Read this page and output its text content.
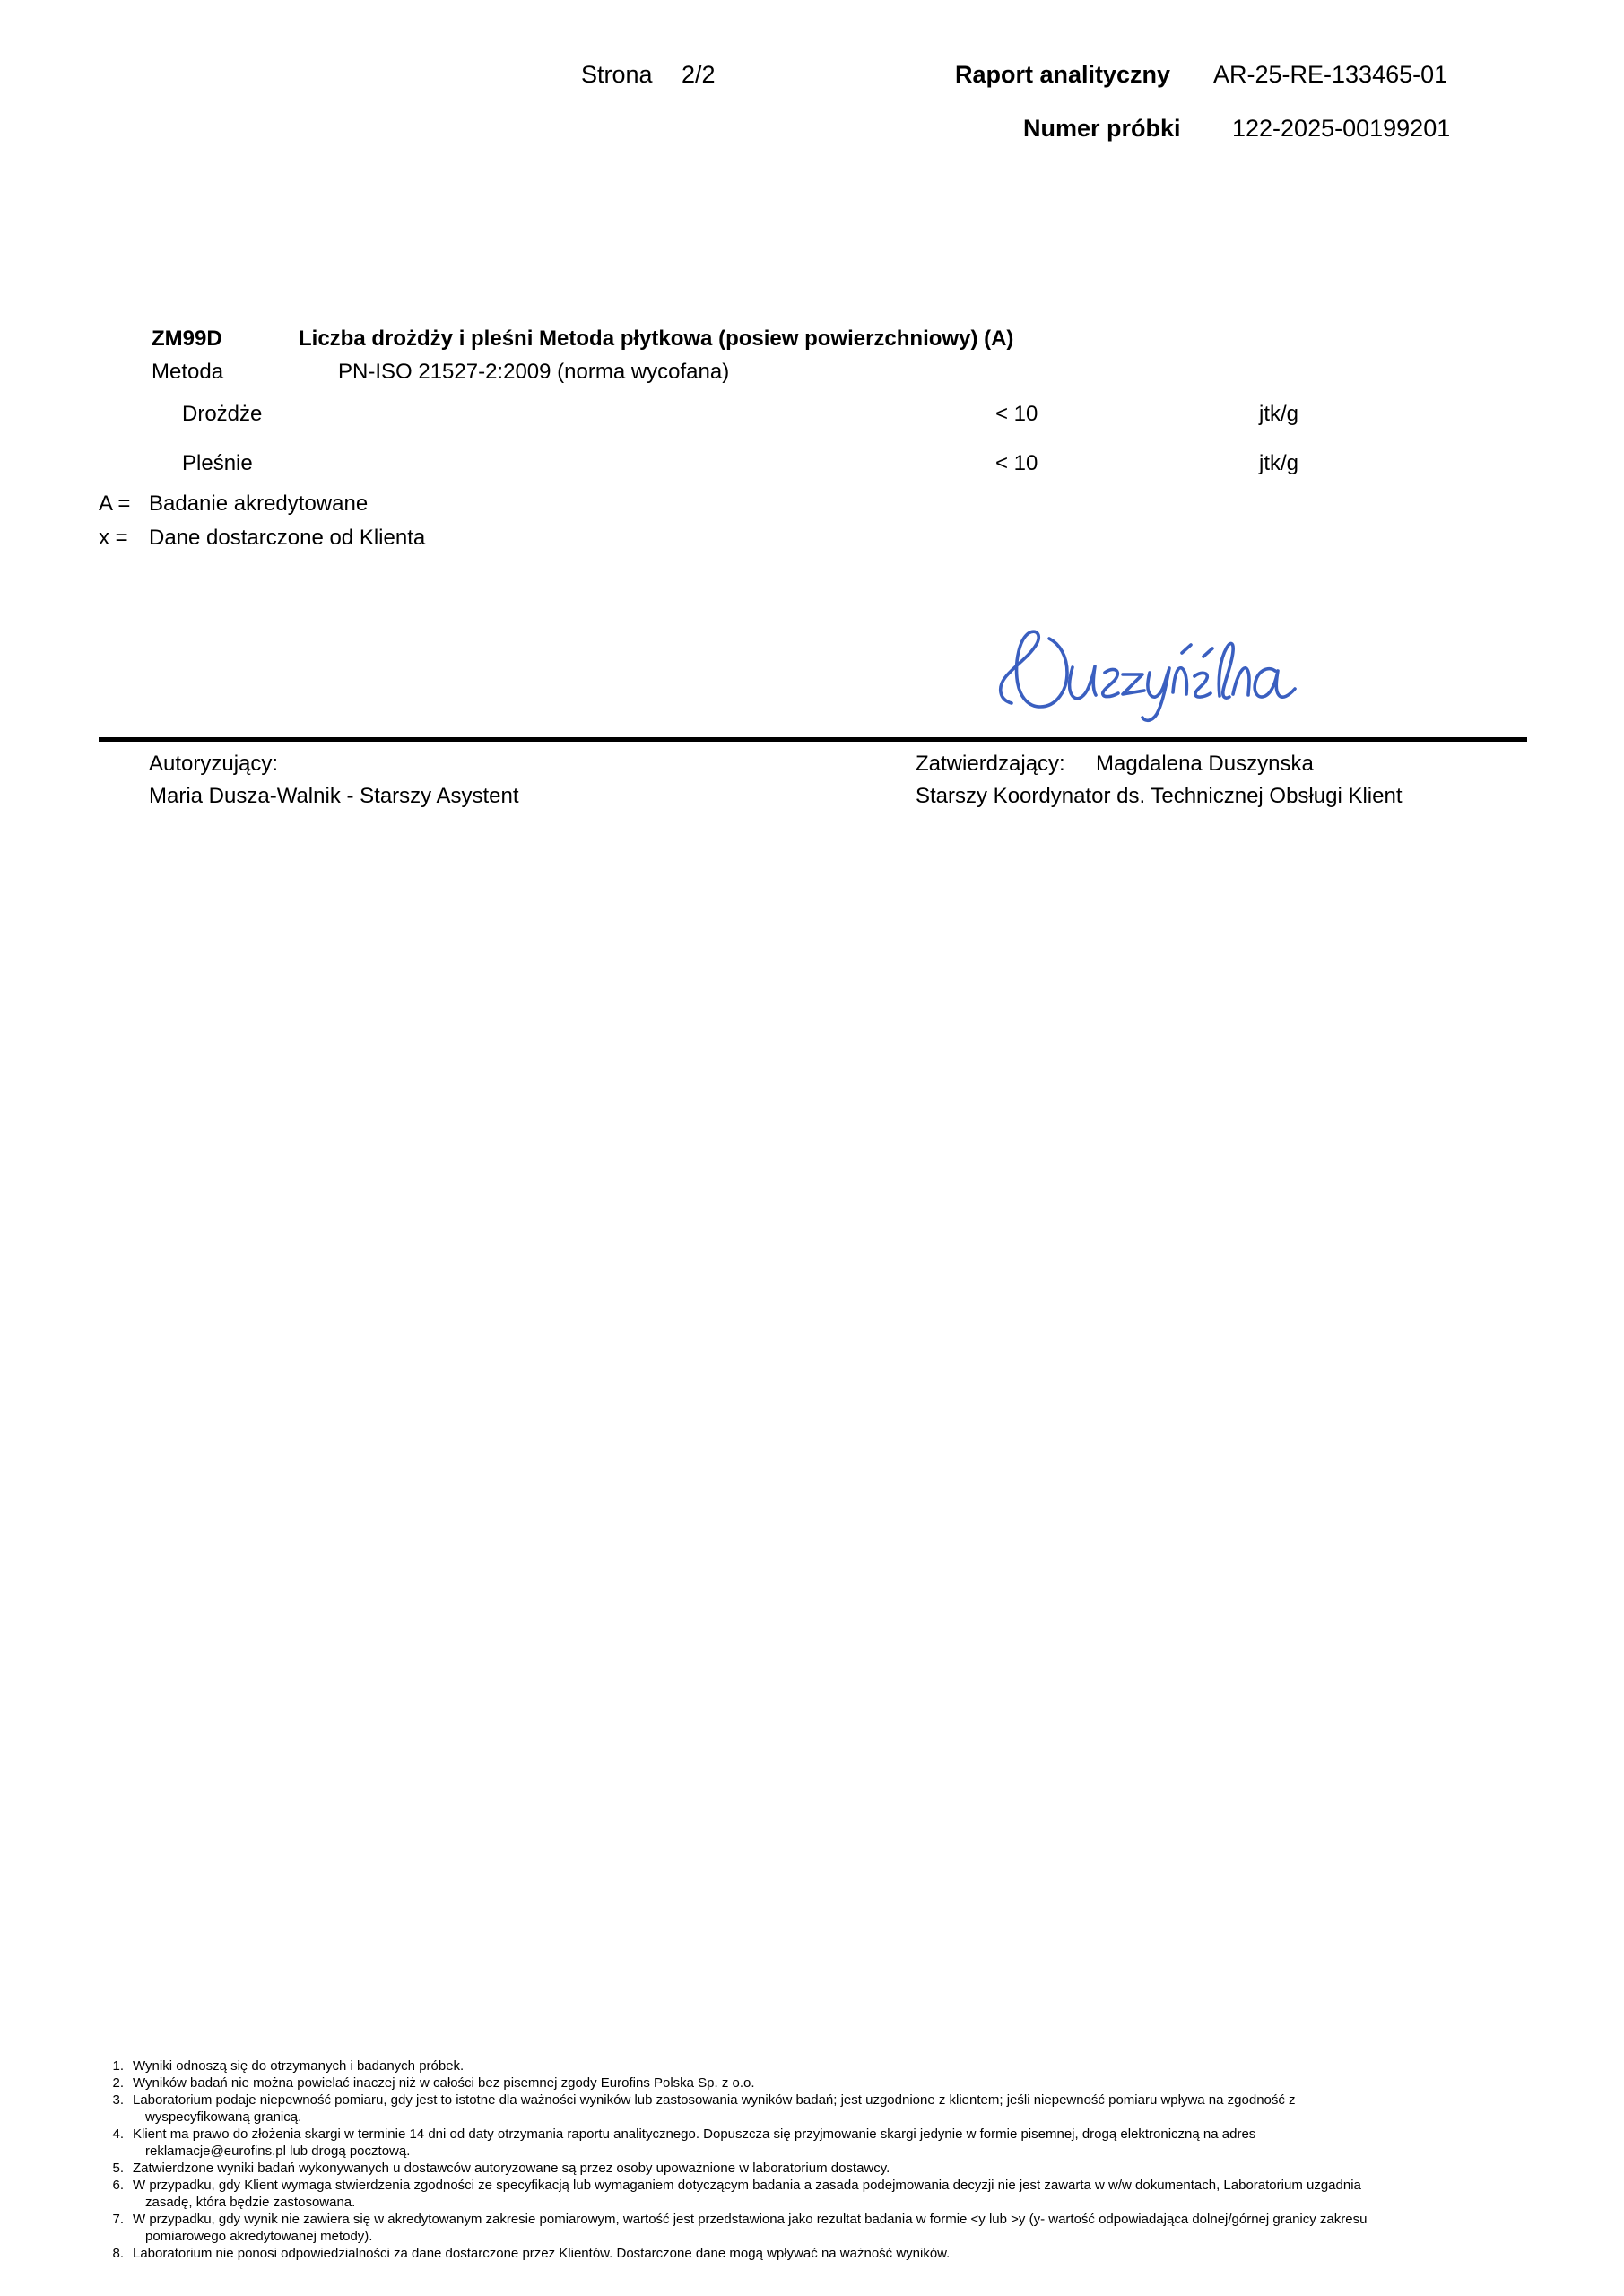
Strona 2/2	Raport analityczny AR-25-RE-133465-01
Numer próbki 122-2025-00199201
ZM99D	Liczba drożdży i pleśni Metoda płytkowa (posiew powierzchniowy) (A)
Metoda	PN-ISO 21527-2:2009 (norma wycofana)
Drożdże	< 10	jtk/g
Pleśnie	< 10	jtk/g
A = Badanie akredytowane
x = Dane dostarczone od Klienta
Autoryzujący:
Maria Dusza-Walnik - Starszy Asystent
Zatwierdzający: Magdalena Duszynska
Starszy Koordynator ds. Technicznej Obsługi Klient
1. Wyniki odnoszą się do otrzymanych i badanych próbek.
2. Wyników badań nie można powielać inaczej niż w całości bez pisemnej zgody Eurofins Polska Sp. z o.o.
3. Laboratorium podaje niepewność pomiaru, gdy jest to istotne dla ważności wyników lub zastosowania wyników badań; jest uzgodnione z klientem; jeśli niepewność pomiaru wpływa na zgodność z
wyspecyfikowaną granicą.
4. Klient ma prawo do złożenia skargi w terminie 14 dni od daty otrzymania raportu analitycznego. Dopuszcza się przyjmowanie skargi jedynie w formie pisemnej, drogą elektroniczną na adres
reklamacje@eurofins.pl lub drogą pocztową.
5. Zatwierdzone wyniki badań wykonywanych u dostawców autoryzowane są przez osoby upoważnione w laboratorium dostawcy.
6. W przypadku, gdy Klient wymaga stwierdzenia zgodności ze specyfikacją lub wymaganiem dotyczącym badania a zasada podejmowania decyzji nie jest zawarta w w/w dokumentach, Laboratorium uzgadnia
zasadę, która będzie zastosowana.
7. W przypadku, gdy wynik nie zawiera się w akredytowanym zakresie pomiarowym, wartość jest przedstawiona jako rezultat badania w formie <y lub >y (y- wartość odpowiadająca dolnej/górnej granicy zakresu
pomiarowego akredytowanej metody).
8. Laboratorium nie ponosi odpowiedzialności za dane dostarczone przez Klientów. Dostarczone dane mogą wpływać na ważność wyników.
